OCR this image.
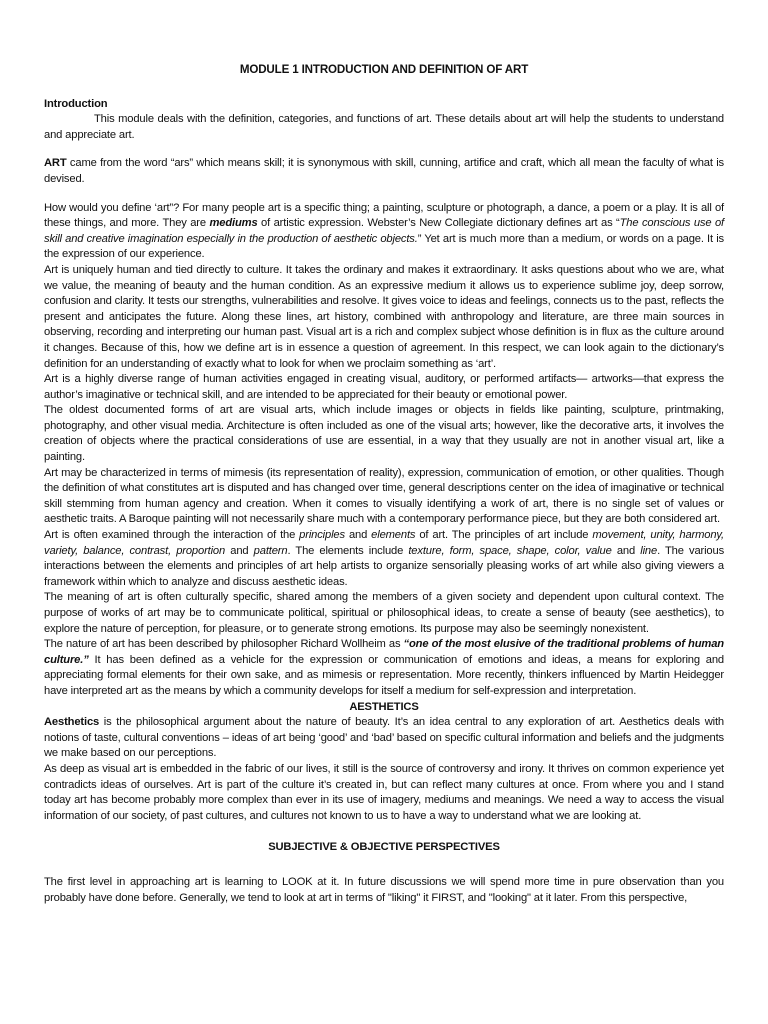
MODULE 1 INTRODUCTION AND DEFINITION OF ART
Introduction

This module deals with the definition, categories, and functions of art. These details about art will help the students to understand and appreciate art.

ART came from the word “ars” which means skill; it is synonymous with skill, cunning, artifice and craft, which all mean the faculty of what is devised.

How would you define ‘art”? For many people art is a specific thing; a painting, sculpture or photograph, a dance, a poem or a play. It is all of these things, and more. They are mediums of artistic expression. Webster’s New Collegiate dictionary defines art as “The conscious use of skill and creative imagination especially in the production of aesthetic objects.” Yet art is much more than a medium, or words on a page. It is the expression of our experience.

Art is uniquely human and tied directly to culture. It takes the ordinary and makes it extraordinary. It asks questions about who we are, what we value, the meaning of beauty and the human condition. As an expressive medium it allows us to experience sublime joy, deep sorrow, confusion and clarity. It tests our strengths, vulnerabilities and resolve. It gives voice to ideas and feelings, connects us to the past, reflects the present and anticipates the future. Along these lines, art history, combined with anthropology and literature, are three main sources in observing, recording and interpreting our human past. Visual art is a rich and complex subject whose definition is in flux as the culture around it changes. Because of this, how we define art is in essence a question of agreement. In this respect, we can look again to the dictionary’s definition for an understanding of exactly what to look for when we proclaim something as ‘art’.

Art is a highly diverse range of human activities engaged in creating visual, auditory, or performed artifacts— artworks—that express the author’s imaginative or technical skill, and are intended to be appreciated for their beauty or emotional power.

The oldest documented forms of art are visual arts, which include images or objects in fields like painting, sculpture, printmaking, photography, and other visual media. Architecture is often included as one of the visual arts; however, like the decorative arts, it involves the creation of objects where the practical considerations of use are essential, in a way that they usually are not in another visual art, like a painting.

Art may be characterized in terms of mimesis (its representation of reality), expression, communication of emotion, or other qualities. Though the definition of what constitutes art is disputed and has changed over time, general descriptions center on the idea of imaginative or technical skill stemming from human agency and creation. When it comes to visually identifying a work of art, there is no single set of values or aesthetic traits. A Baroque painting will not necessarily share much with a contemporary performance piece, but they are both considered art.

Art is often examined through the interaction of the principles and elements of art. The principles of art include movement, unity, harmony, variety, balance, contrast, proportion and pattern. The elements include texture, form, space, shape, color, value and line. The various interactions between the elements and principles of art help artists to organize sensorially pleasing works of art while also giving viewers a framework within which to analyze and discuss aesthetic ideas.

The meaning of art is often culturally specific, shared among the members of a given society and dependent upon cultural context. The purpose of works of art may be to communicate political, spiritual or philosophical ideas, to create a sense of beauty (see aesthetics), to explore the nature of perception, for pleasure, or to generate strong emotions. Its purpose may also be seemingly nonexistent.

The nature of art has been described by philosopher Richard Wollheim as “one of the most elusive of the traditional problems of human culture.” It has been defined as a vehicle for the expression or communication of emotions and ideas, a means for exploring and appreciating formal elements for their own sake, and as mimesis or representation. More recently, thinkers influenced by Martin Heidegger have interpreted art as the means by which a community develops for itself a medium for self-expression and interpretation.

AESTHETICS

Aesthetics is the philosophical argument about the nature of beauty. It’s an idea central to any exploration of art. Aesthetics deals with notions of taste, cultural conventions – ideas of art being ‘good’ and ‘bad’ based on specific cultural information and beliefs and the judgments we make based on our perceptions.

As deep as visual art is embedded in the fabric of our lives, it still is the source of controversy and irony. It thrives on common experience yet contradicts ideas of ourselves. Art is part of the culture it’s created in, but can reflect many cultures at once. From where you and I stand today art has become probably more complex than ever in its use of imagery, mediums and meanings. We need a way to access the visual information of our society, of past cultures, and cultures not known to us to have a way to understand what we are looking at.

SUBJECTIVE & OBJECTIVE PERSPECTIVES

The first level in approaching art is learning to LOOK at it. In future discussions we will spend more time in pure observation than you probably have done before. Generally, we tend to look at art in terms of "liking" it FIRST, and "looking" at it later. From this perspective,
